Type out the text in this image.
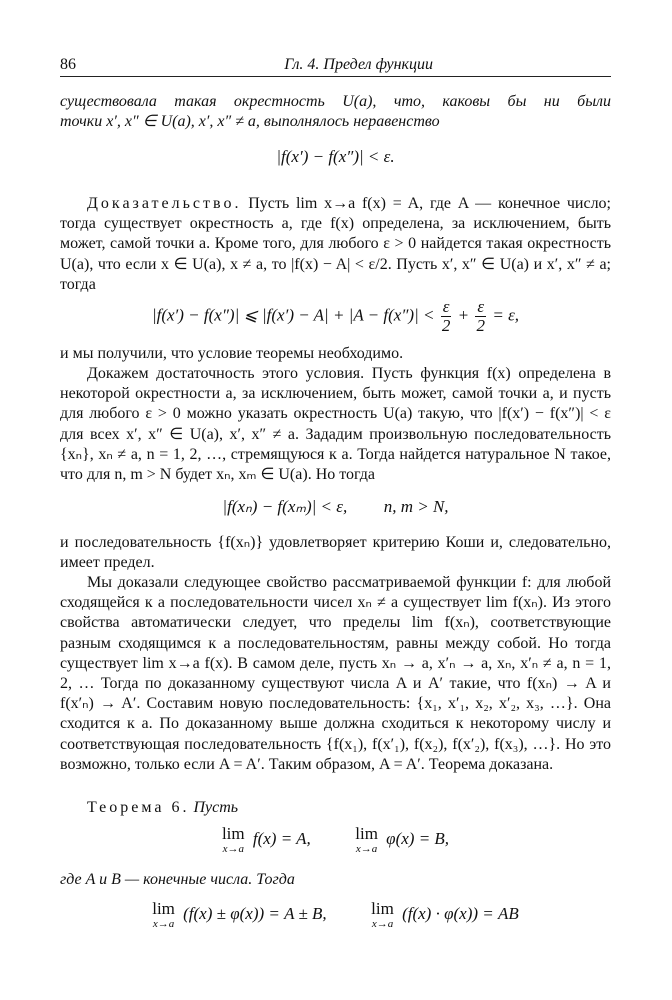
86	Гл. 4. Предел функции
существовала такая окрестность U(a), что, каковы бы ни были
точки x′, x″ ∈ U(a), x′, x″ ≠ a, выполнялось неравенство
|f(x′) − f(x″)| < ε.
Доказательство. Пусть lim x→a f(x) = A, где A — конечное число; тогда существует окрестность a, где f(x) определена, за исключением, быть может, самой точки a. Кроме того, для любого ε > 0 найдется такая окрестность U(a), что если x ∈ U(a), x ≠ a, то |f(x) − A| < ε/2. Пусть x′, x″ ∈ U(a) и x′, x″ ≠ a; тогда
|f(x′) − f(x″)| ⩽ $|f(x') - A| + |A - f(x'')| < \frac{\varepsilon}{2} + \frac{\varepsilon}{2} = \varepsilon$,
и мы получили, что условие теоремы необходимо.
Докажем достаточность этого условия. Пусть функция f(x) определена в некоторой окрестности a, за исключением, быть может, самой точки a, и пусть для любого ε > 0 можно указать окрестность U(a) такую, что |f(x′) − f(x″)| < ε для всех x′, x″ ∈ U(a), x′, x″ ≠ a. Зададим произвольную последовательность {xₙ}, xₙ ≠ a, n = 1, 2, …, стремящуюся к a. Тогда найдется натуральное N такое, что для n, m > N будет xₙ, xₘ ∈ U(a). Но тогда
|f(xₙ) − f(xₘ)| < ε, n, m > N,
и последовательность {f(xₙ)} удовлетворяет критерию Коши и, следовательно, имеет предел.
Мы доказали следующее свойство рассматриваемой функции f: для любой сходящейся к a последовательности чисел xₙ ≠ a существует lim f(xₙ). Из этого свойства автоматически следует, что пределы lim f(xₙ), соответствующие разным сходящимся к a последовательностям, равны между собой. Но тогда существует lim x→a f(x). В самом деле, пусть xₙ → a, x′ₙ → a, xₙ, x′ₙ ≠ a, n = 1, 2, … Тогда по доказанному существуют числа A и A′ такие, что f(xₙ) → A и f(x′ₙ) → A′. Составим новую последовательность: {x₁, x′₁, x₂, x′₂, x₃, …}. Она сходится к a. По доказанному выше должна сходиться к некоторому числу и соответствующая последовательность {f(x₁), f(x′₁), f(x₂), f(x′₂), f(x₃), …}. Но это возможно, только если A = A′. Таким образом, A = A′. Теорема доказана.
Теорема 6. Пусть
lim
x→a
f(x) = A,	lim
x→a
φ(x) = B,
где A и B — конечные числа. Тогда
lim
x→a
(f(x) ± φ(x)) = A ± B,	lim
x→a
(f(x) · φ(x)) = AB
